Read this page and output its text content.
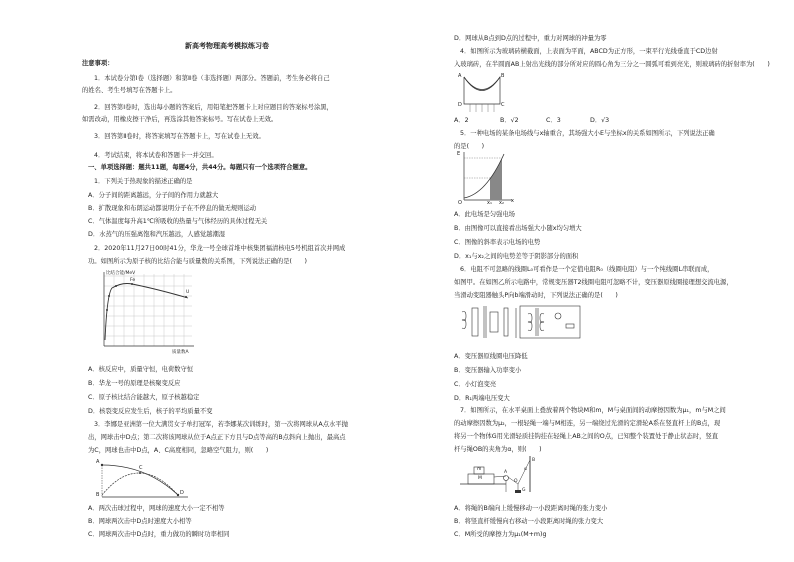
新高考物理高考模拟练习卷
注意事项：
1．本试卷分第Ⅰ卷（选择题）和第Ⅱ卷（非选择题）两部分。答题前，考生务必将自己
的姓名、考生号填写在答题卡上。
2．回答第Ⅰ卷时，选出每小题的答案后，用铅笔把答题卡上对应题目的答案标号涂黑，
如需改动，用橡皮擦干净后，再选涂其他答案标号。写在试卷上无效。
3．回答第Ⅱ卷时，将答案填写在答题卡上，写在试卷上无效。
4．考试结束，将本试卷和答题卡一并交回。
一、单项选择题：题共11题，每题4分，共44分。每题只有一个选项符合题意。
1．下列关于热现象的描述正确的是
A．分子间的距离越远，分子间的作用力就越大
B．扩散现象和布朗运动都说明分子在不停息的做无规则运动
C．气体温度每升高1℃所吸收的热量与气体经历的具体过程无关
D．水蒸气的压强离饱和汽压越远，人感觉越潮湿
2．2020年11月27日00时41分，华龙一号全球首堆中核集团福清核电5号机组首次并网成
功。如图所示为原子核的比结合能与质量数的关系图，下列说法正确的是(　　)
比结合能/MeV
质量数A
Fe
U
A．核反应中，质量守恒，电荷数守恒
B．华龙一号的原理是核聚变反应
C．原子核比结合能越大，原子核越稳定
D．核裂变反应发生后，核子的平均质量不变
3．李娜是亚洲第一位大满贯女子单打冠军，若李娜某次训练时，第一次将网球从A点水平抛
出，网球击中D点；第二次将该网球从位于A点正下方且与D点等高的B点斜向上抛出，最高点
为C，网球也击中D点，A、C高度相同，忽略空气阻力，则(　　)
A
C
B	D
A．两次击球过程中，网球的速度大小一定不相等
B．网球两次击中D点时速度大小相等
C．网球两次击中D点时，重力做功的瞬时功率相同
D．网球从B点到D点的过程中，重力对网球的冲量为零
4．如图所示为玻璃砖横截面，上表面为平面，ABCD为正方形，一束平行光线垂直于CD边射
入玻璃砖，在半圆面AB上射出光线的部分所对应的圆心角为三分之一圆弧可看到亮光，则玻璃砖的折射率为(　　)
A	B
D	C
A．2	B．√2	C．3	D．√3
5．一种电场的某条电场线与x轴重合，其场强大小E与坐标x的关系如图所示，下列说法正确
的是(　　)
E
O	x₁ x₂ x
A．此电场是匀强电场
B．由图像可以直接看出场强大小随x均匀增大
C．图像的斜率表示电场的电势
D．x₁与x₂之间的电势差等于阴影部分的面积
6．电阻不可忽略的线圈L₀可看作是一个定值电阻R₀（线圈电阻）与一个纯线圈L串联而成，
如图甲。在如图乙所示电路中，常规变压器T2线圈电阻可忽略不计，变压器原线圈接理想交流电源，
当滑动变阻器触头P向b端滑动时，下列说法正确的是(　　)
A．变压器原线圈电压降低
B．变压器输入功率变小
C．小灯泡变亮
D．R₁两端电压变大
7．如图所示，在水平桌面上叠放着两个物块M和m，M与桌面间的动摩擦因数为μ₁，m与M之间
的动摩擦因数为μ₂，一根轻绳一端与M相连，另一端绕过光滑的定滑轮A系在竖直杆上的B点，现
将另一个物体G用光滑轻质挂钩挂在轻绳上AB之间的O点，已知整个装置处于静止状态时，竖直
杆与绳OB的夹角为α，则(　　)
m
M
A
O
B
G
α
A．将绳的B端向上缓慢移动一小段距离时绳的张力变小
B．将竖直杆缓慢向右移动一小段距离时绳的张力变大
C．M所受的摩擦力为μ₁(M+m)g
